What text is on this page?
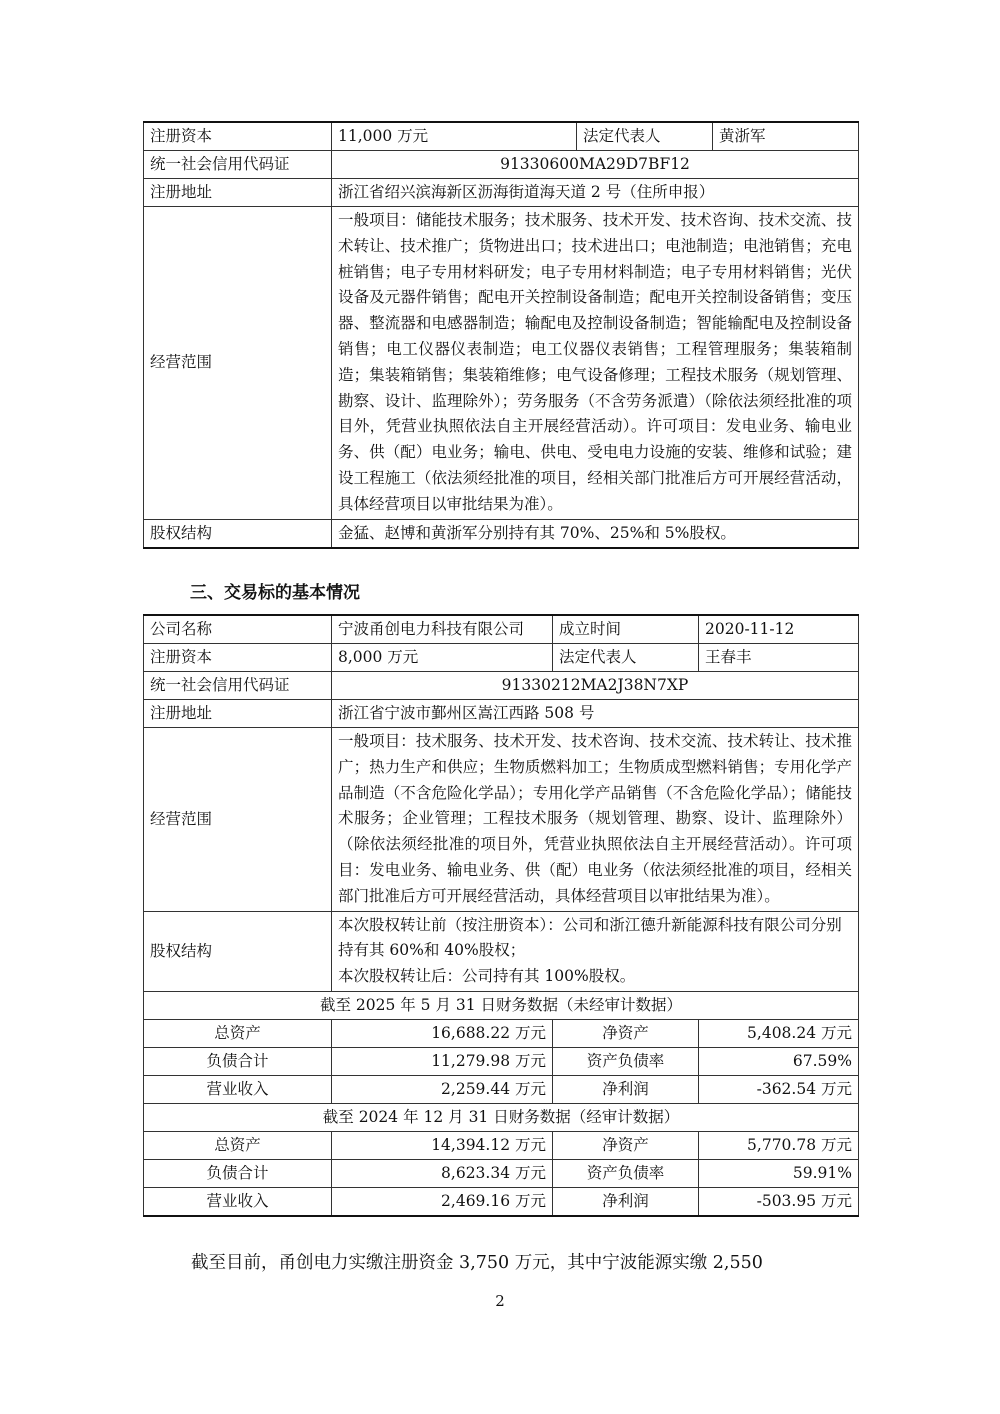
注册资本	11,000 万元	法定代表人	黄浙军
统一社会信用代码证	91330600MA29D7BF12		
注册地址	浙江省绍兴滨海新区沥海街道海天道 2 号（住所申报）		
经营范围	一般项目：储能技术服务；技术服务、技术开发、技术咨询、技术交流、技术转让、技术推广；货物进出口；技术进出口；电池制造；电池销售；充电桩销售；电子专用材料研发；电子专用材料制造；电子专用材料销售；光伏设备及元器件销售；配电开关控制设备制造；配电开关控制设备销售；变压器、整流器和电感器制造；输配电及控制设备制造；智能输配电及控制设备销售；电工仪器仪表制造；电工仪器仪表销售；工程管理服务；集装箱制造；集装箱销售；集装箱维修；电气设备修理；工程技术服务（规划管理、勘察、设计、监理除外）；劳务服务（不含劳务派遣）（除依法须经批准的项目外，凭营业执照依法自主开展经营活动）。许可项目：发电业务、输电业务、供（配）电业务；输电、供电、受电电力设施的安装、维修和试验；建设工程施工（依法须经批准的项目，经相关部门批准后方可开展经营活动，具体经营项目以审批结果为准）。		
股权结构	金猛、赵博和黄浙军分别持有其 70%、25%和 5%股权。		
三、交易标的基本情况
公司名称	宁波甬创电力科技有限公司	成立时间	2020-11-12
注册资本	8,000 万元	法定代表人	王春丰
统一社会信用代码证	91330212MA2J38N7XP		
注册地址	浙江省宁波市鄞州区嵩江西路 508 号		
经营范围	一般项目：技术服务、技术开发、技术咨询、技术交流、技术转让、技术推广；热力生产和供应；生物质燃料加工；生物质成型燃料销售；专用化学产品制造（不含危险化学品）；专用化学产品销售（不含危险化学品）；储能技术服务；企业管理；工程技术服务（规划管理、勘察、设计、监理除外）（除依法须经批准的项目外，凭营业执照依法自主开展经营活动）。许可项目：发电业务、输电业务、供（配）电业务（依法须经批准的项目，经相关部门批准后方可开展经营活动，具体经营项目以审批结果为准）。		
股权结构	本次股权转让前（按注册资本）：公司和浙江德升新能源科技有限公司分别持有其 60%和 40%股权；
本次股权转让后：公司持有其 100%股权。		

截至 2025 年 5 月 31 日财务数据（未经审计数据）			
总资产	16,688.22 万元	净资产	5,408.24 万元
负债合计	11,279.98 万元	资产负债率	67.59%
营业收入	2,259.44 万元	净利润	-362.54 万元
截至 2024 年 12 月 31 日财务数据（经审计数据）			
总资产	14,394.12 万元	净资产	5,770.78 万元
负债合计	8,623.34 万元	资产负债率	59.91%
营业收入	2,469.16 万元	净利润	-503.95 万元

截至目前，甬创电力实缴注册资金 3,750 万元，其中宁波能源实缴 2,550

2
